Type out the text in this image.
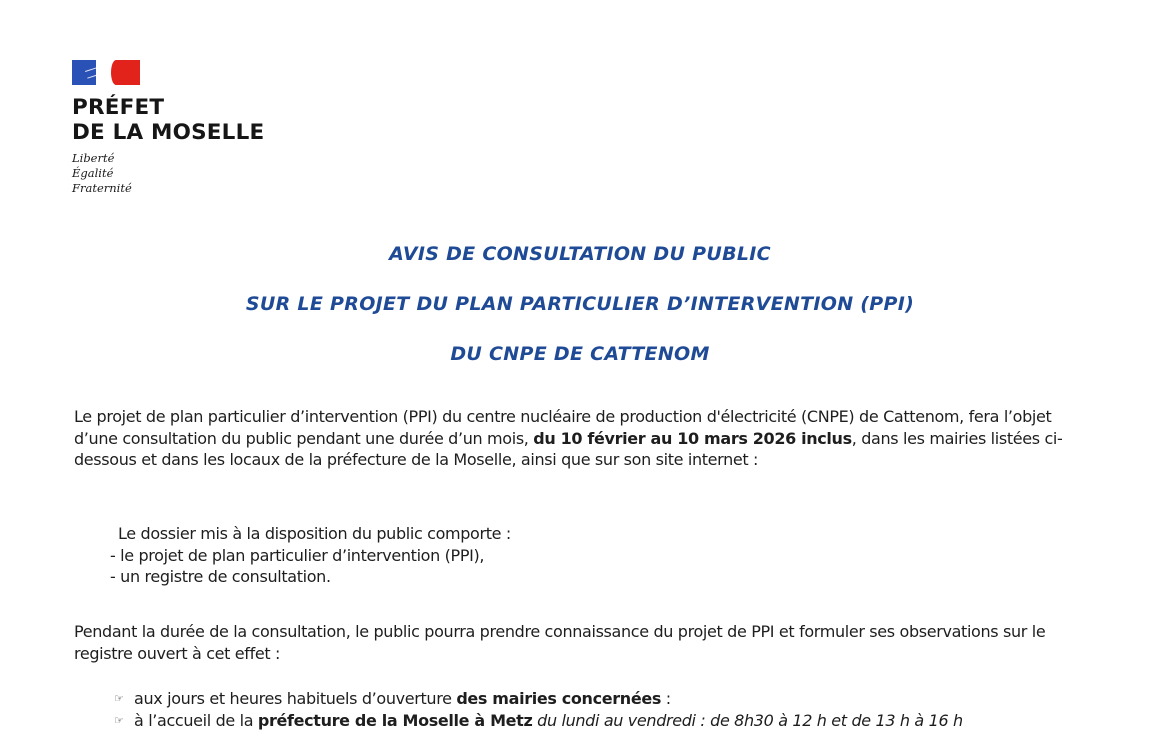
PRÉFET
DE LA MOSELLE
Liberté
Égalité
Fraternité
AVIS DE CONSULTATION DU PUBLIC
SUR LE PROJET DU PLAN PARTICULIER D’INTERVENTION (PPI)
DU CNPE DE CATTENOM

Le projet de plan particulier d’intervention (PPI) du centre nucléaire de production d'électricité (CNPE) de Cattenom, fera l’objet d’une consultation du public pendant une durée d’un mois, du 10 février au 10 mars 2026 inclus, dans les mairies listées ci-dessous et dans les locaux de la préfecture de la Moselle, ainsi que sur son site internet :

Le dossier mis à la disposition du public comporte :
- le projet de plan particulier d’intervention (PPI),
- un registre de consultation.

Pendant la durée de la consultation, le public pourra prendre connaissance du projet de PPI et formuler ses observations sur le registre ouvert à cet effet :

☞ aux jours et heures habituels d’ouverture des mairies concernées :
☞ à l’accueil de la préfecture de la Moselle à Metz du lundi au vendredi : de 8h30 à 12 h et de 13 h à 16 h
